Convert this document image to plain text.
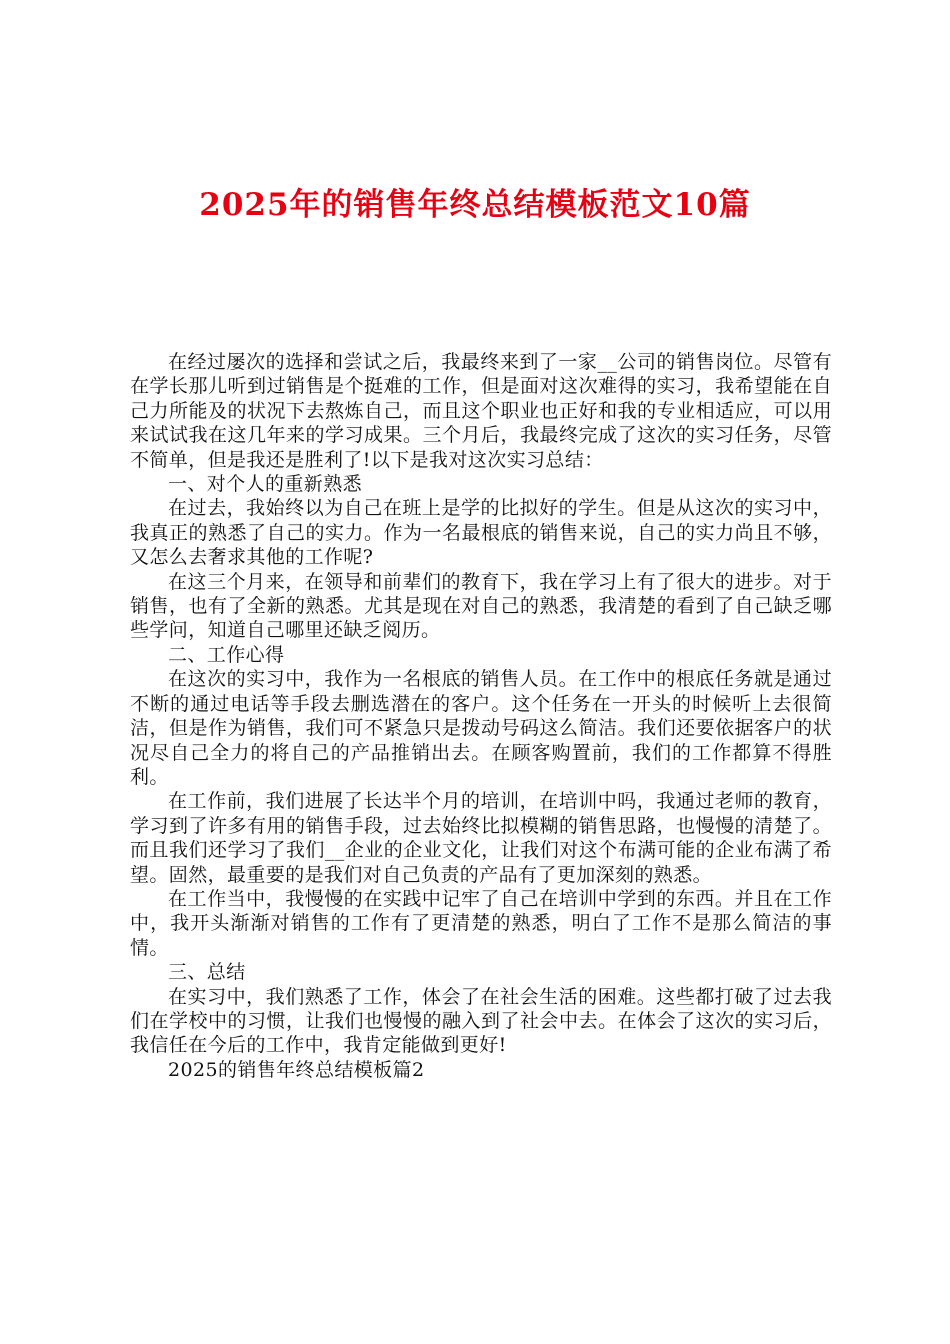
2025年的销售年终总结模板范文10篇

在经过屡次的选择和尝试之后，我最终来到了一家__公司的销售岗位。尽管有在学长那儿听到过销售是个挺难的工作，但是面对这次难得的实习，我希望能在自己力所能及的状况下去熬炼自己，而且这个职业也正好和我的专业相适应，可以用来试试我在这几年来的学习成果。三个月后，我最终完成了这次的实习任务，尽管不简单，但是我还是胜利了!以下是我对这次实习总结：

一、对个人的重新熟悉

在过去，我始终以为自己在班上是学的比拟好的学生。但是从这次的实习中，我真正的熟悉了自己的实力。作为一名最根底的销售来说，自己的实力尚且不够，又怎么去奢求其他的工作呢?

在这三个月来，在领导和前辈们的教育下，我在学习上有了很大的进步。对于销售，也有了全新的熟悉。尤其是现在对自己的熟悉，我清楚的看到了自己缺乏哪些学问，知道自己哪里还缺乏阅历。

二、工作心得

在这次的实习中，我作为一名根底的销售人员。在工作中的根底任务就是通过不断的通过电话等手段去删选潜在的客户。这个任务在一开头的时候听上去很简洁，但是作为销售，我们可不紧急只是拨动号码这么简洁。我们还要依据客户的状况尽自己全力的将自己的产品推销出去。在顾客购置前，我们的工作都算不得胜利。

在工作前，我们进展了长达半个月的培训，在培训中吗，我通过老师的教育，学习到了许多有用的销售手段，过去始终比拟模糊的销售思路，也慢慢的清楚了。而且我们还学习了我们__企业的企业文化，让我们对这个布满可能的企业布满了希望。固然，最重要的是我们对自己负责的产品有了更加深刻的熟悉。

在工作当中，我慢慢的在实践中记牢了自己在培训中学到的东西。并且在工作中，我开头渐渐对销售的工作有了更清楚的熟悉，明白了工作不是那么简洁的事情。

三、总结

在实习中，我们熟悉了工作，体会了在社会生活的困难。这些都打破了过去我们在学校中的习惯，让我们也慢慢的融入到了社会中去。在体会了这次的实习后，我信任在今后的工作中，我肯定能做到更好!

2025的销售年终总结模板篇2
